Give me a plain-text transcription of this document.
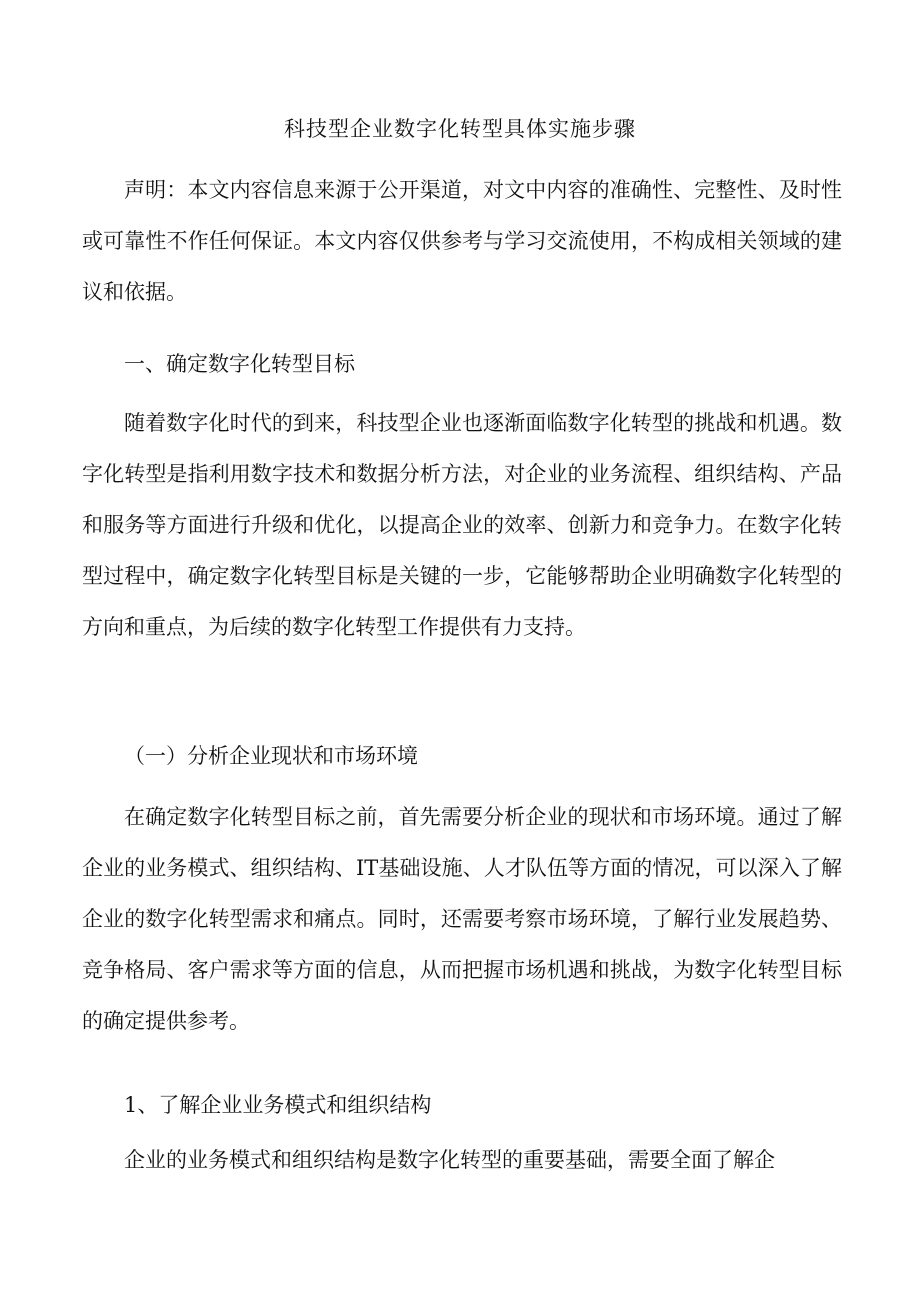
科技型企业数字化转型具体实施步骤

声明：本文内容信息来源于公开渠道，对文中内容的准确性、完整性、及时性或可靠性不作任何保证。本文内容仅供参考与学习交流使用，不构成相关领域的建议和依据。

一、确定数字化转型目标

随着数字化时代的到来，科技型企业也逐渐面临数字化转型的挑战和机遇。数字化转型是指利用数字技术和数据分析方法，对企业的业务流程、组织结构、产品和服务等方面进行升级和优化，以提高企业的效率、创新力和竞争力。在数字化转型过程中，确定数字化转型目标是关键的一步，它能够帮助企业明确数字化转型的方向和重点，为后续的数字化转型工作提供有力支持。

（一）分析企业现状和市场环境

在确定数字化转型目标之前，首先需要分析企业的现状和市场环境。通过了解企业的业务模式、组织结构、IT基础设施、人才队伍等方面的情况，可以深入了解企业的数字化转型需求和痛点。同时，还需要考察市场环境，了解行业发展趋势、竞争格局、客户需求等方面的信息，从而把握市场机遇和挑战，为数字化转型目标的确定提供参考。

1、了解企业业务模式和组织结构

企业的业务模式和组织结构是数字化转型的重要基础，需要全面了解企
